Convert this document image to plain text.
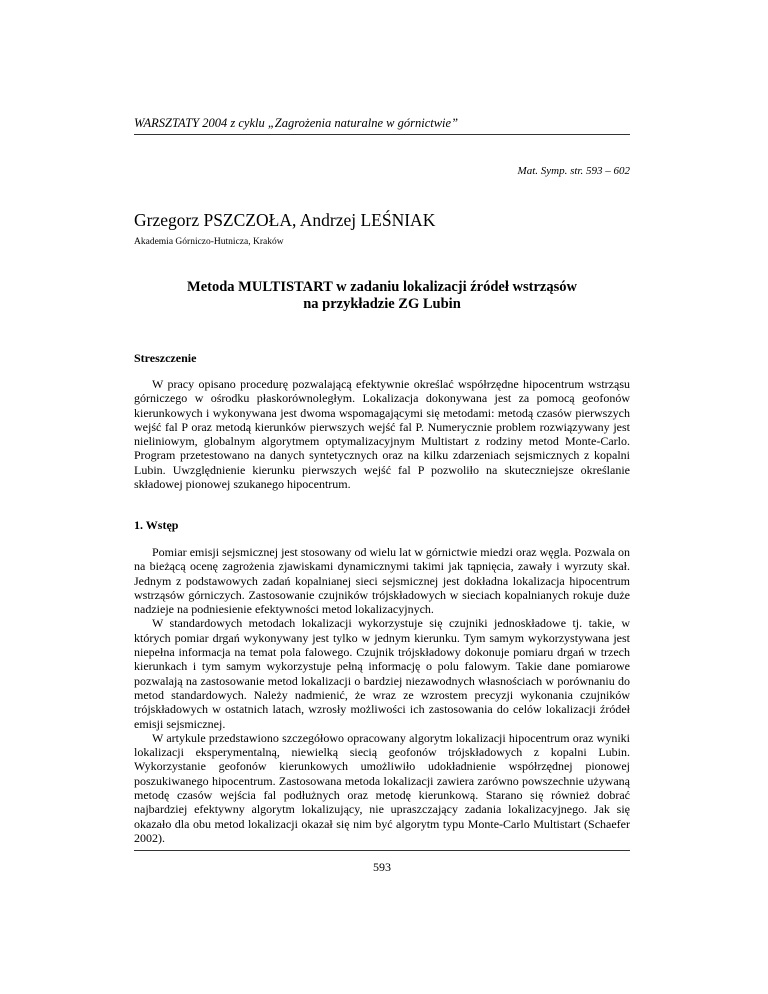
WARSZTATY 2004 z cyklu „Zagrożenia naturalne w górnictwie”
Mat. Symp. str. 593 – 602
Grzegorz PSZCZOŁA, Andrzej LEŚNIAK
Akademia Górniczo-Hutnicza, Kraków
Metoda MULTISTART w zadaniu lokalizacji źródeł wstrząsów
na przykładzie ZG Lubin
Streszczenie

W pracy opisano procedurę pozwalającą efektywnie określać współrzędne hipocentrum wstrząsu górniczego w ośrodku płaskorównoległym. Lokalizacja dokonywana jest za pomocą geofonów kierunkowych i wykonywana jest dwoma wspomagającymi się metodami: metodą czasów pierwszych wejść fal P oraz metodą kierunków pierwszych wejść fal P. Numerycznie problem rozwiązywany jest nieliniowym, globalnym algorytmem optymalizacyjnym Multistart z rodziny metod Monte-Carlo. Program przetestowano na danych syntetycznych oraz na kilku zdarzeniach sejsmicznych z kopalni Lubin. Uwzględnienie kierunku pierwszych wejść fal P pozwoliło na skuteczniejsze określanie składowej pionowej szukanego hipocentrum.

1. Wstęp

Pomiar emisji sejsmicznej jest stosowany od wielu lat w górnictwie miedzi oraz węgla. Pozwala on na bieżącą ocenę zagrożenia zjawiskami dynamicznymi takimi jak tąpnięcia, zawały i wyrzuty skał. Jednym z podstawowych zadań kopalnianej sieci sejsmicznej jest dokładna lokalizacja hipocentrum wstrząsów górniczych. Zastosowanie czujników trójskładowych w sieciach kopalnianych rokuje duże nadzieje na podniesienie efektywności metod lokalizacyjnych.

W standardowych metodach lokalizacji wykorzystuje się czujniki jednoskładowe tj. takie, w których pomiar drgań wykonywany jest tylko w jednym kierunku. Tym samym wykorzystywana jest niepełna informacja na temat pola falowego. Czujnik trójskładowy dokonuje pomiaru drgań w trzech kierunkach i tym samym wykorzystuje pełną informację o polu falowym. Takie dane pomiarowe pozwalają na zastosowanie metod lokalizacji o bardziej niezawodnych własnościach w porównaniu do metod standardowych. Należy nadmienić, że wraz ze wzrostem precyzji wykonania czujników trójskładowych w ostatnich latach, wzrosły możliwości ich zastosowania do celów lokalizacji źródeł emisji sejsmicznej.

W artykule przedstawiono szczegółowo opracowany algorytm lokalizacji hipocentrum oraz wyniki lokalizacji eksperymentalną, niewielką siecią geofonów trójskładowych z kopalni Lubin. Wykorzystanie geofonów kierunkowych umożliwiło udokładnienie współrzędnej pionowej poszukiwanego hipocentrum. Zastosowana metoda lokalizacji zawiera zarówno powszechnie używaną metodę czasów wejścia fal podłużnych oraz metodę kierunkową. Starano się również dobrać najbardziej efektywny algorytm lokalizujący, nie upraszczający zadania lokalizacyjnego. Jak się okazało dla obu metod lokalizacji okazał się nim być algorytm typu Monte-Carlo Multistart (Schaefer 2002).

593
